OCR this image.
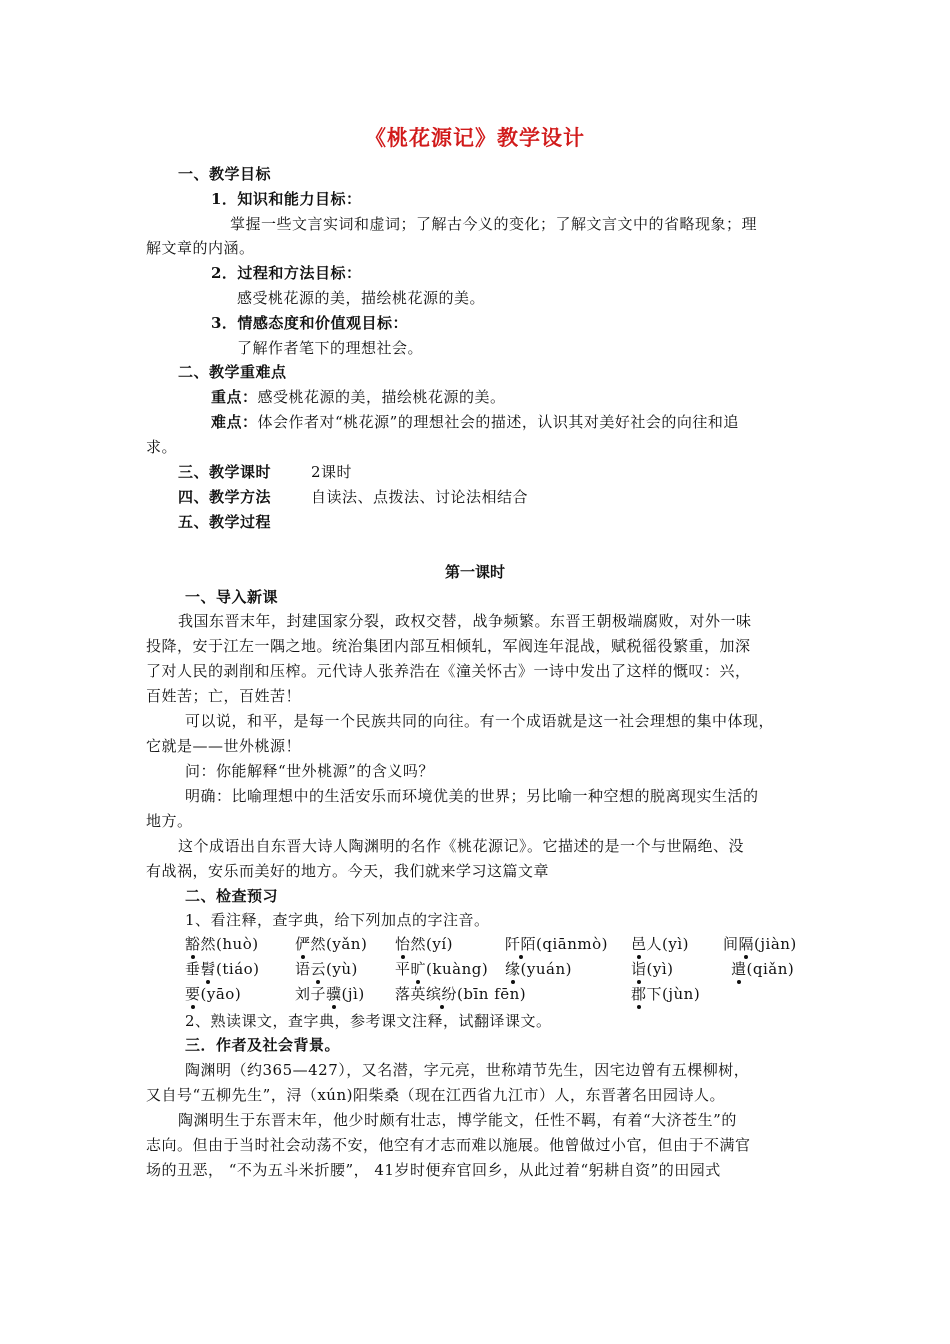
《桃花源记》教学设计
一、教学目标
1．知识和能力目标：
掌握一些文言实词和虚词；了解古今义的变化；了解文言文中的省略现象；理
解文章的内涵。
2．过程和方法目标：
感受桃花源的美，描绘桃花源的美。
3．情感态度和价值观目标：
了解作者笔下的理想社会。
二、教学重难点
重点：感受桃花源的美，描绘桃花源的美。
难点：体会作者对“桃花源”的理想社会的描述，认识其对美好社会的向往和追
求。
三、教学课时	2课时
四、教学方法	自读法、点拨法、讨论法相结合
五、教学过程
第一课时
一、导入新课
我国东晋末年，封建国家分裂，政权交替，战争频繁。东晋王朝极端腐败，对外一味
投降，安于江左一隅之地。统治集团内部互相倾轧，军阀连年混战，赋税徭役繁重，加深
了对人民的剥削和压榨。元代诗人张养浩在《潼关怀古》一诗中发出了这样的慨叹：兴，
百姓苦；亡，百姓苦！
可以说，和平，是每一个民族共同的向往。有一个成语就是这一社会理想的集中体现，
它就是——世外桃源！
问：你能解释“世外桃源”的含义吗？
明确：比喻理想中的生活安乐而环境优美的世界；另比喻一种空想的脱离现实生活的
地方。
这个成语出自东晋大诗人陶渊明的名作《桃花源记》。它描述的是一个与世隔绝、没
有战祸，安乐而美好的地方。今天，我们就来学习这篇文章
二、检查预习
1、看注释，查字典，给下列加点的字注音。
豁然(huò) 俨然(yǎn) 怡然(yí)	阡陌(qiānmò) 邑人(yì) 间隔(jiàn)
垂髫(tiáo) 语云(yù) 平旷(kuàng) 缘(yuán)	诣(yì)	遣(qiǎn)
要(yāo)	刘子骥(jì) 落英缤纷(bīn fēn)	郡下(jùn)
2、熟读课文，查字典，参考课文注释，试翻译课文。
三．作者及社会背景。
陶渊明（约365—427），又名潜，字元亮，世称靖节先生，因宅边曾有五棵柳树，
又自号“五柳先生”，浔（xún)阳柴桑（现在江西省九江市）人，东晋著名田园诗人。
陶渊明生于东晋末年，他少时颇有壮志，博学能文，任性不羁，有着“大济苍生”的
志向。但由于当时社会动荡不安，他空有才志而难以施展。他曾做过小官，但由于不满官
场的丑恶， “不为五斗米折腰”， 41岁时便弃官回乡，从此过着“躬耕自资”的田园式
